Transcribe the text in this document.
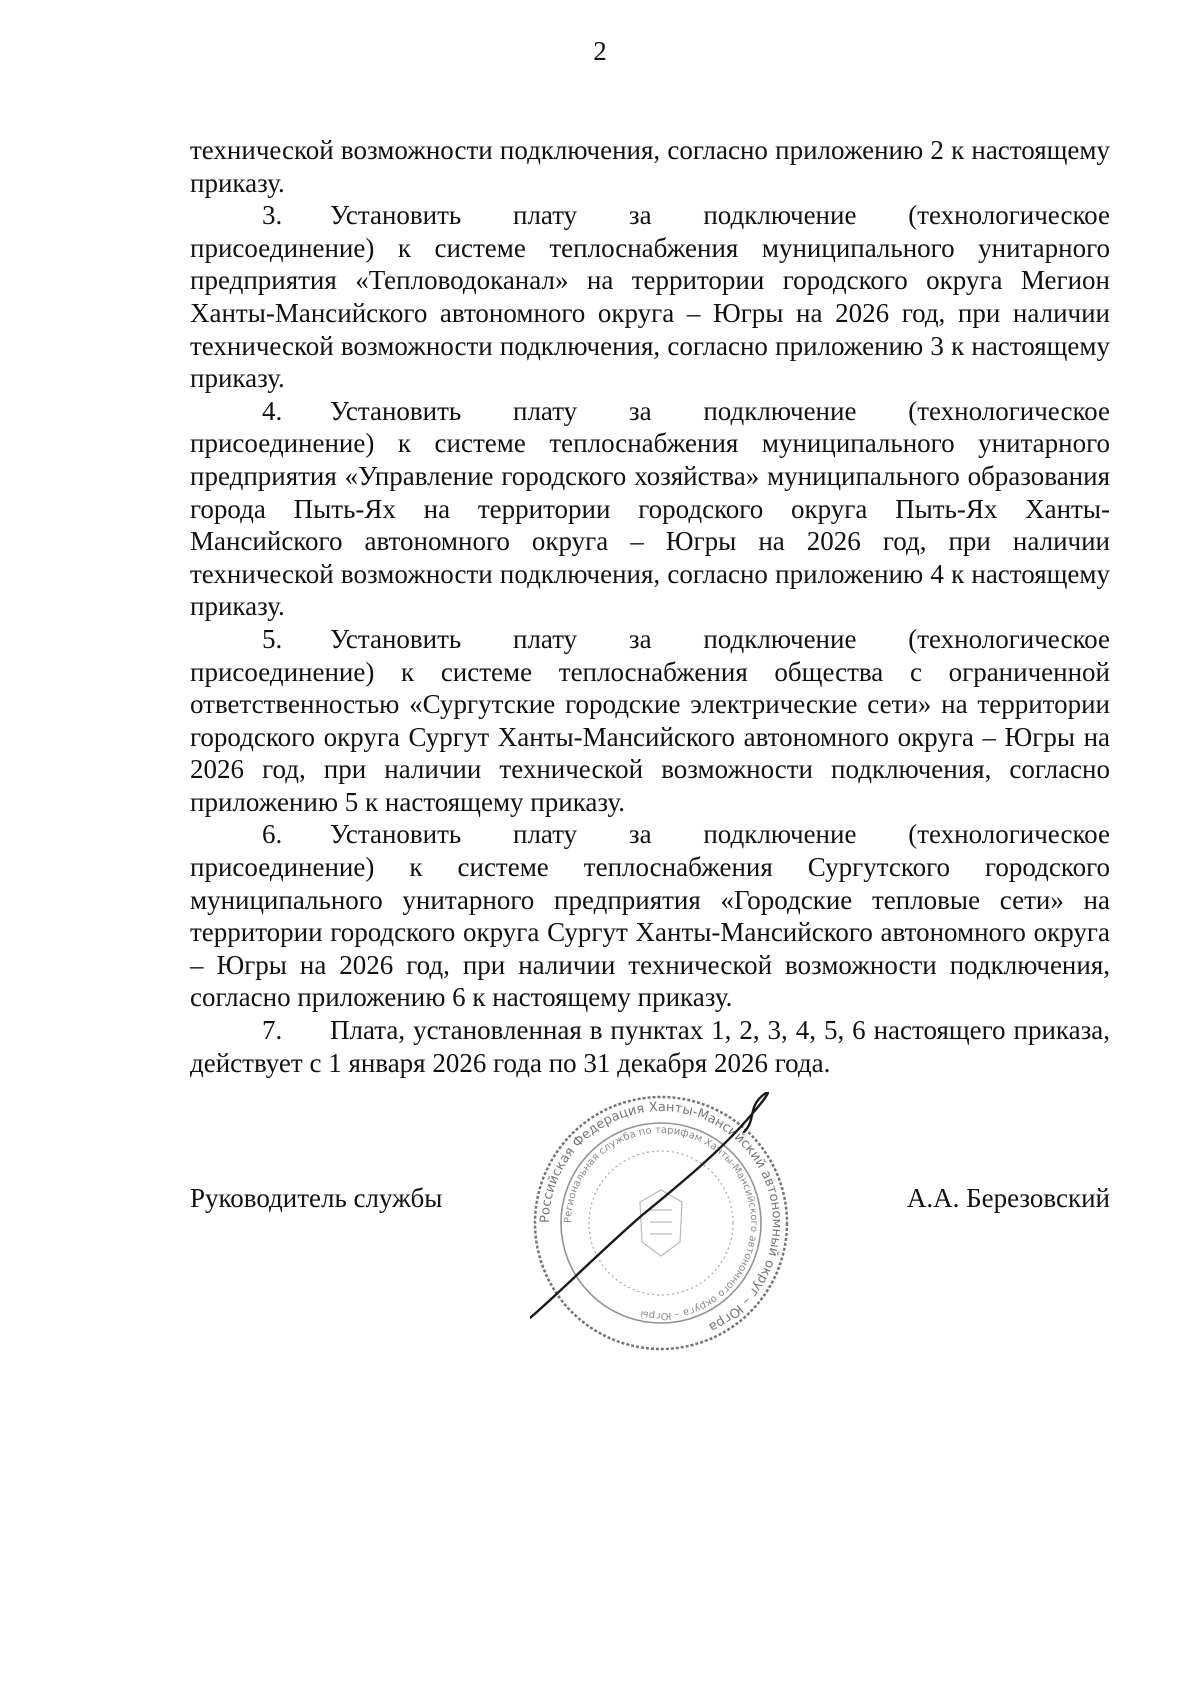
2

технической возможности подключения, согласно приложению 2 к настоящему приказу.

3. Установить плату за подключение (технологическое присоединение) к системе теплоснабжения муниципального унитарного предприятия «Тепловодоканал» на территории городского округа Мегион Ханты-Мансийского автономного округа – Югры на 2026 год, при наличии технической возможности подключения, согласно приложению 3 к настоящему приказу.

4. Установить плату за подключение (технологическое присоединение) к системе теплоснабжения муниципального унитарного предприятия «Управление городского хозяйства» муниципального образования города Пыть-Ях на территории городского округа Пыть-Ях Ханты-Мансийского автономного округа – Югры на 2026 год, при наличии технической возможности подключения, согласно приложению 4 к настоящему приказу.

5. Установить плату за подключение (технологическое присоединение) к системе теплоснабжения общества с ограниченной ответственностью «Сургутские городские электрические сети» на территории городского округа Сургут Ханты-Мансийского автономного округа – Югры на 2026 год, при наличии технической возможности подключения, согласно приложению 5 к настоящему приказу.

6. Установить плату за подключение (технологическое присоединение) к системе теплоснабжения Сургутского городского муниципального унитарного предприятия «Городские тепловые сети» на территории городского округа Сургут Ханты-Мансийского автономного округа – Югры на 2026 год, при наличии технической возможности подключения, согласно приложению 6 к настоящему приказу.

7. Плата, установленная в пунктах 1, 2, 3, 4, 5, 6 настоящего приказа, действует с 1 января 2026 года по 31 декабря 2026 года.

Российская Федерация Ханты-Мансийский автономный округ – Югра
Региональная служба по тарифам Ханты-Мансийского автономного округа – Югры
Руководитель службы	А.А. Березовский
